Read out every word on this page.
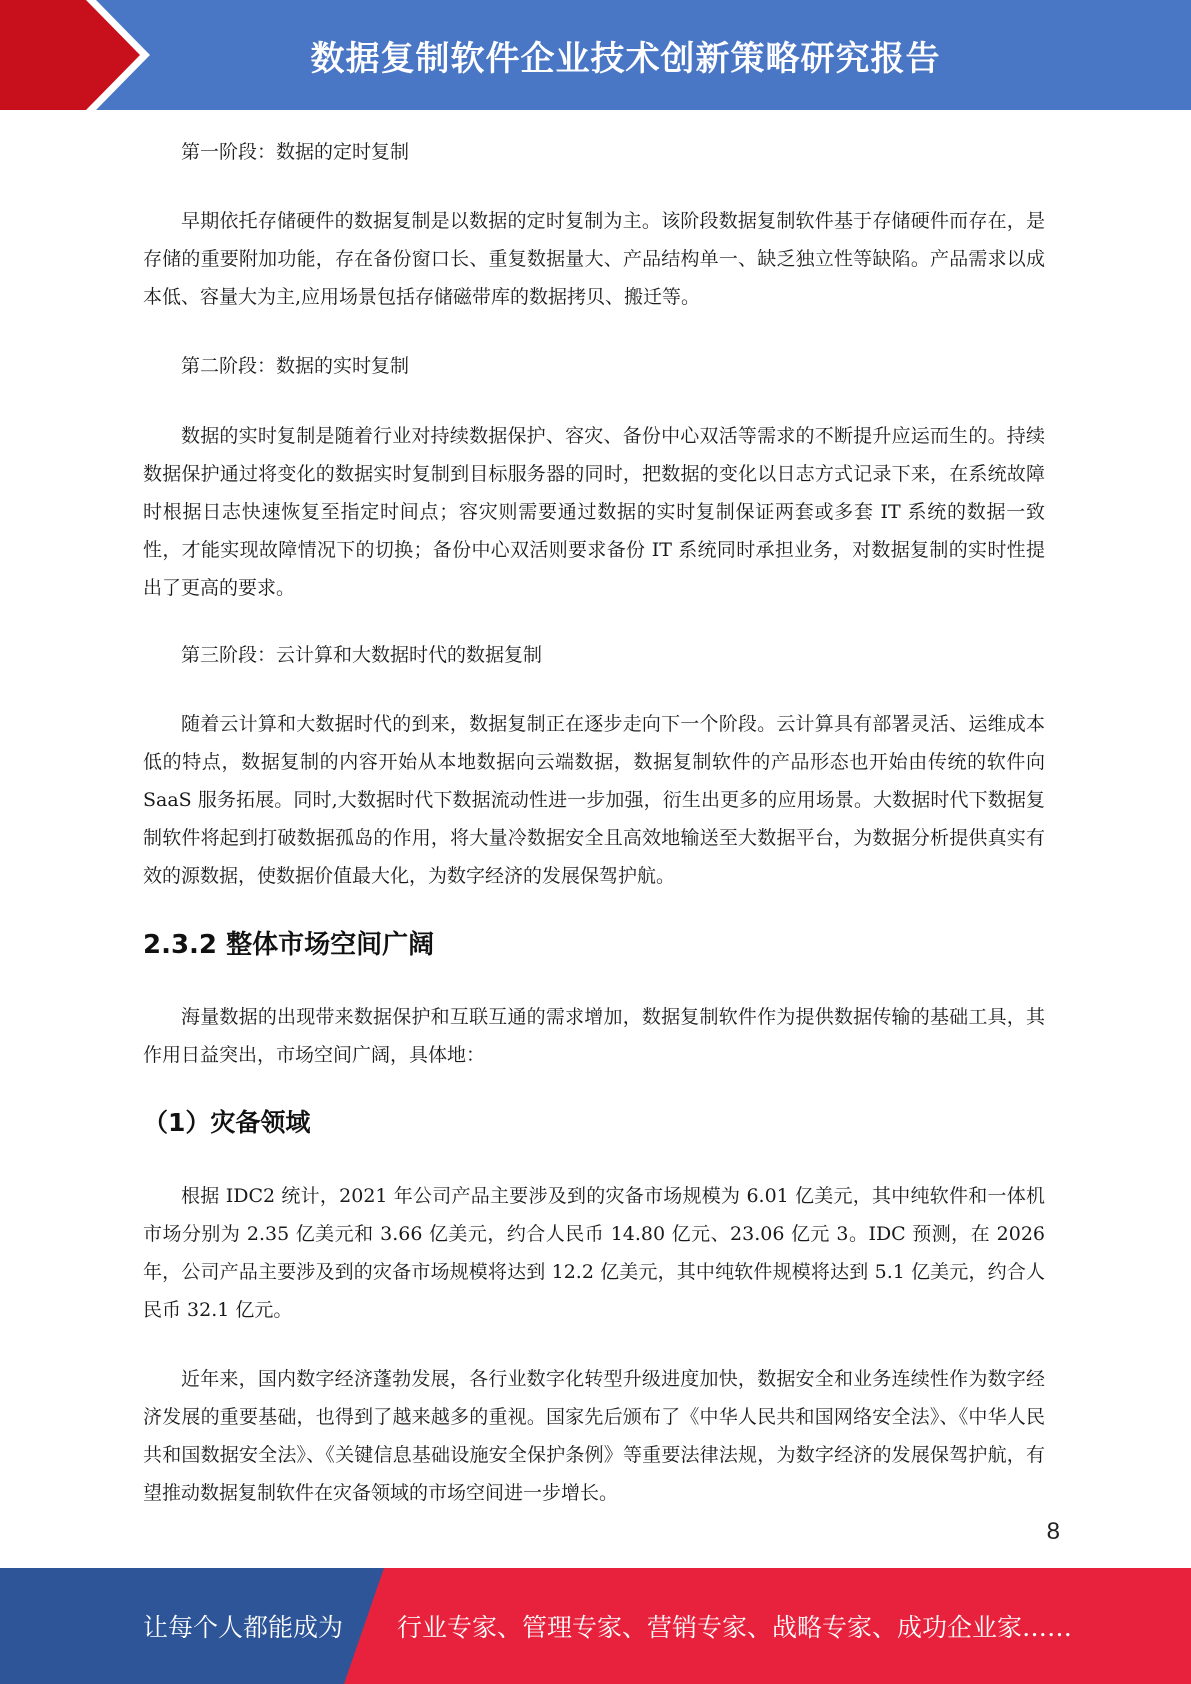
数据复制软件企业技术创新策略研究报告

第一阶段：数据的定时复制

早期依托存储硬件的数据复制是以数据的定时复制为主。该阶段数据复制软件基于存储硬件而存在，是存储的重要附加功能，存在备份窗口长、重复数据量大、产品结构单一、缺乏独立性等缺陷。产品需求以成本低、容量大为主,应用场景包括存储磁带库的数据拷贝、搬迁等。

第二阶段：数据的实时复制

数据的实时复制是随着行业对持续数据保护、容灾、备份中心双活等需求的不断提升应运而生的。持续数据保护通过将变化的数据实时复制到目标服务器的同时，把数据的变化以日志方式记录下来，在系统故障时根据日志快速恢复至指定时间点；容灾则需要通过数据的实时复制保证两套或多套 IT 系统的数据一致性，才能实现故障情况下的切换；备份中心双活则要求备份 IT 系统同时承担业务，对数据复制的实时性提出了更高的要求。

第三阶段：云计算和大数据时代的数据复制

随着云计算和大数据时代的到来，数据复制正在逐步走向下一个阶段。云计算具有部署灵活、运维成本低的特点，数据复制的内容开始从本地数据向云端数据，数据复制软件的产品形态也开始由传统的软件向 SaaS 服务拓展。同时,大数据时代下数据流动性进一步加强，衍生出更多的应用场景。大数据时代下数据复制软件将起到打破数据孤岛的作用，将大量冷数据安全且高效地输送至大数据平台，为数据分析提供真实有效的源数据，使数据价值最大化，为数字经济的发展保驾护航。

2.3.2 整体市场空间广阔

海量数据的出现带来数据保护和互联互通的需求增加，数据复制软件作为提供数据传输的基础工具，其作用日益突出，市场空间广阔，具体地：

（1）灾备领域

根据 IDC2 统计，2021 年公司产品主要涉及到的灾备市场规模为 6.01 亿美元，其中纯软件和一体机市场分别为 2.35 亿美元和 3.66 亿美元，约合人民币 14.80 亿元、23.06 亿元 3。IDC 预测，在 2026 年，公司产品主要涉及到的灾备市场规模将达到 12.2 亿美元，其中纯软件规模将达到 5.1 亿美元，约合人民币 32.1 亿元。

近年来，国内数字经济蓬勃发展，各行业数字化转型升级进度加快，数据安全和业务连续性作为数字经济发展的重要基础，也得到了越来越多的重视。国家先后颁布了《中华人民共和国网络安全法》、《中华人民共和国数据安全法》、《关键信息基础设施安全保护条例》等重要法律法规，为数字经济的发展保驾护航，有望推动数据复制软件在灾备领域的市场空间进一步增长。

8
让每个人都能成为 行业专家、管理专家、营销专家、战略专家、成功企业家……
